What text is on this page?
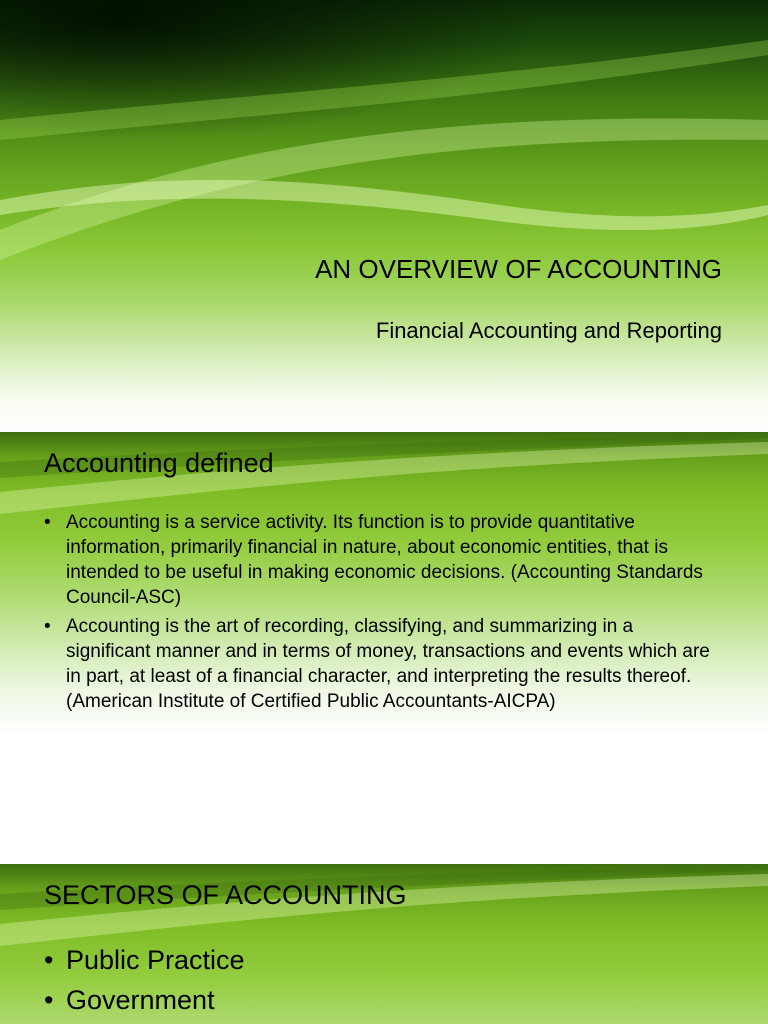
AN OVERVIEW OF ACCOUNTING
Financial Accounting and Reporting
Accounting defined
• Accounting is a service activity. Its function is to provide quantitative information, primarily financial in nature, about economic entities, that is intended to be useful in making economic decisions. (Accounting Standards Council-ASC)
• Accounting is the art of recording, classifying, and summarizing in a significant manner and in terms of money, transactions and events which are in part, at least of a financial character, and interpreting the results thereof. (American Institute of Certified Public Accountants-AICPA)
SECTORS OF ACCOUNTING
• Public Practice
• Government
